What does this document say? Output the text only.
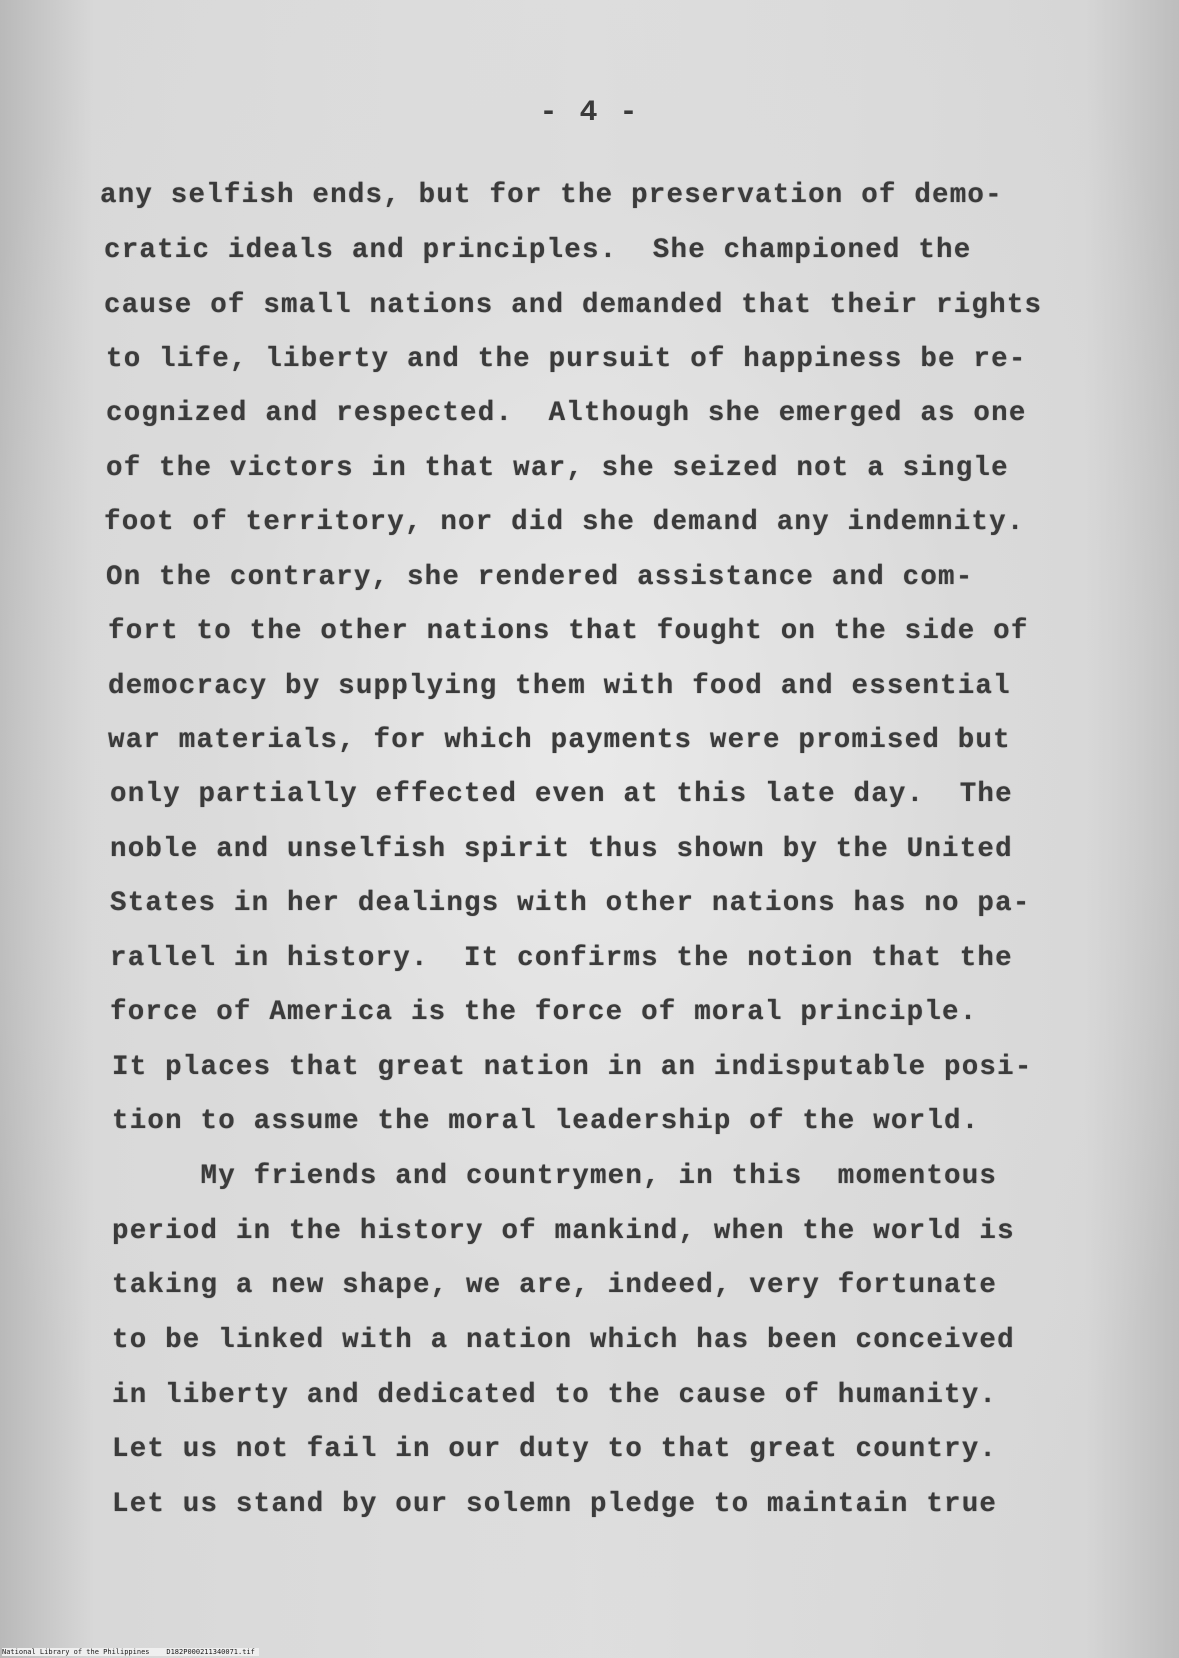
- 4 -
any selfish ends, but for the preservation of demo-
cratic ideals and principles.  She championed the
cause of small nations and demanded that their rights
to life, liberty and the pursuit of happiness be re-
cognized and respected.  Although she emerged as one
of the victors in that war, she seized not a single
foot of territory, nor did she demand any indemnity.
On the contrary, she rendered assistance and com-
fort to the other nations that fought on the side of
democracy by supplying them with food and essential
war materials, for which payments were promised but
only partially effected even at this late day.  The
noble and unselfish spirit thus shown by the United
States in her dealings with other nations has no pa-
rallel in history.  It confirms the notion that the
force of America is the force of moral principle.
It places that great nation in an indisputable posi-
tion to assume the moral leadership of the world.
My friends and countrymen, in this  momentous
period in the history of mankind, when the world is
taking a new shape, we are, indeed, very fortunate
to be linked with a nation which has been conceived
in liberty and dedicated to the cause of humanity.
Let us not fail in our duty to that great country.
Let us stand by our solemn pledge to maintain true
National Library of the Philippines D182P000211340071.tif
